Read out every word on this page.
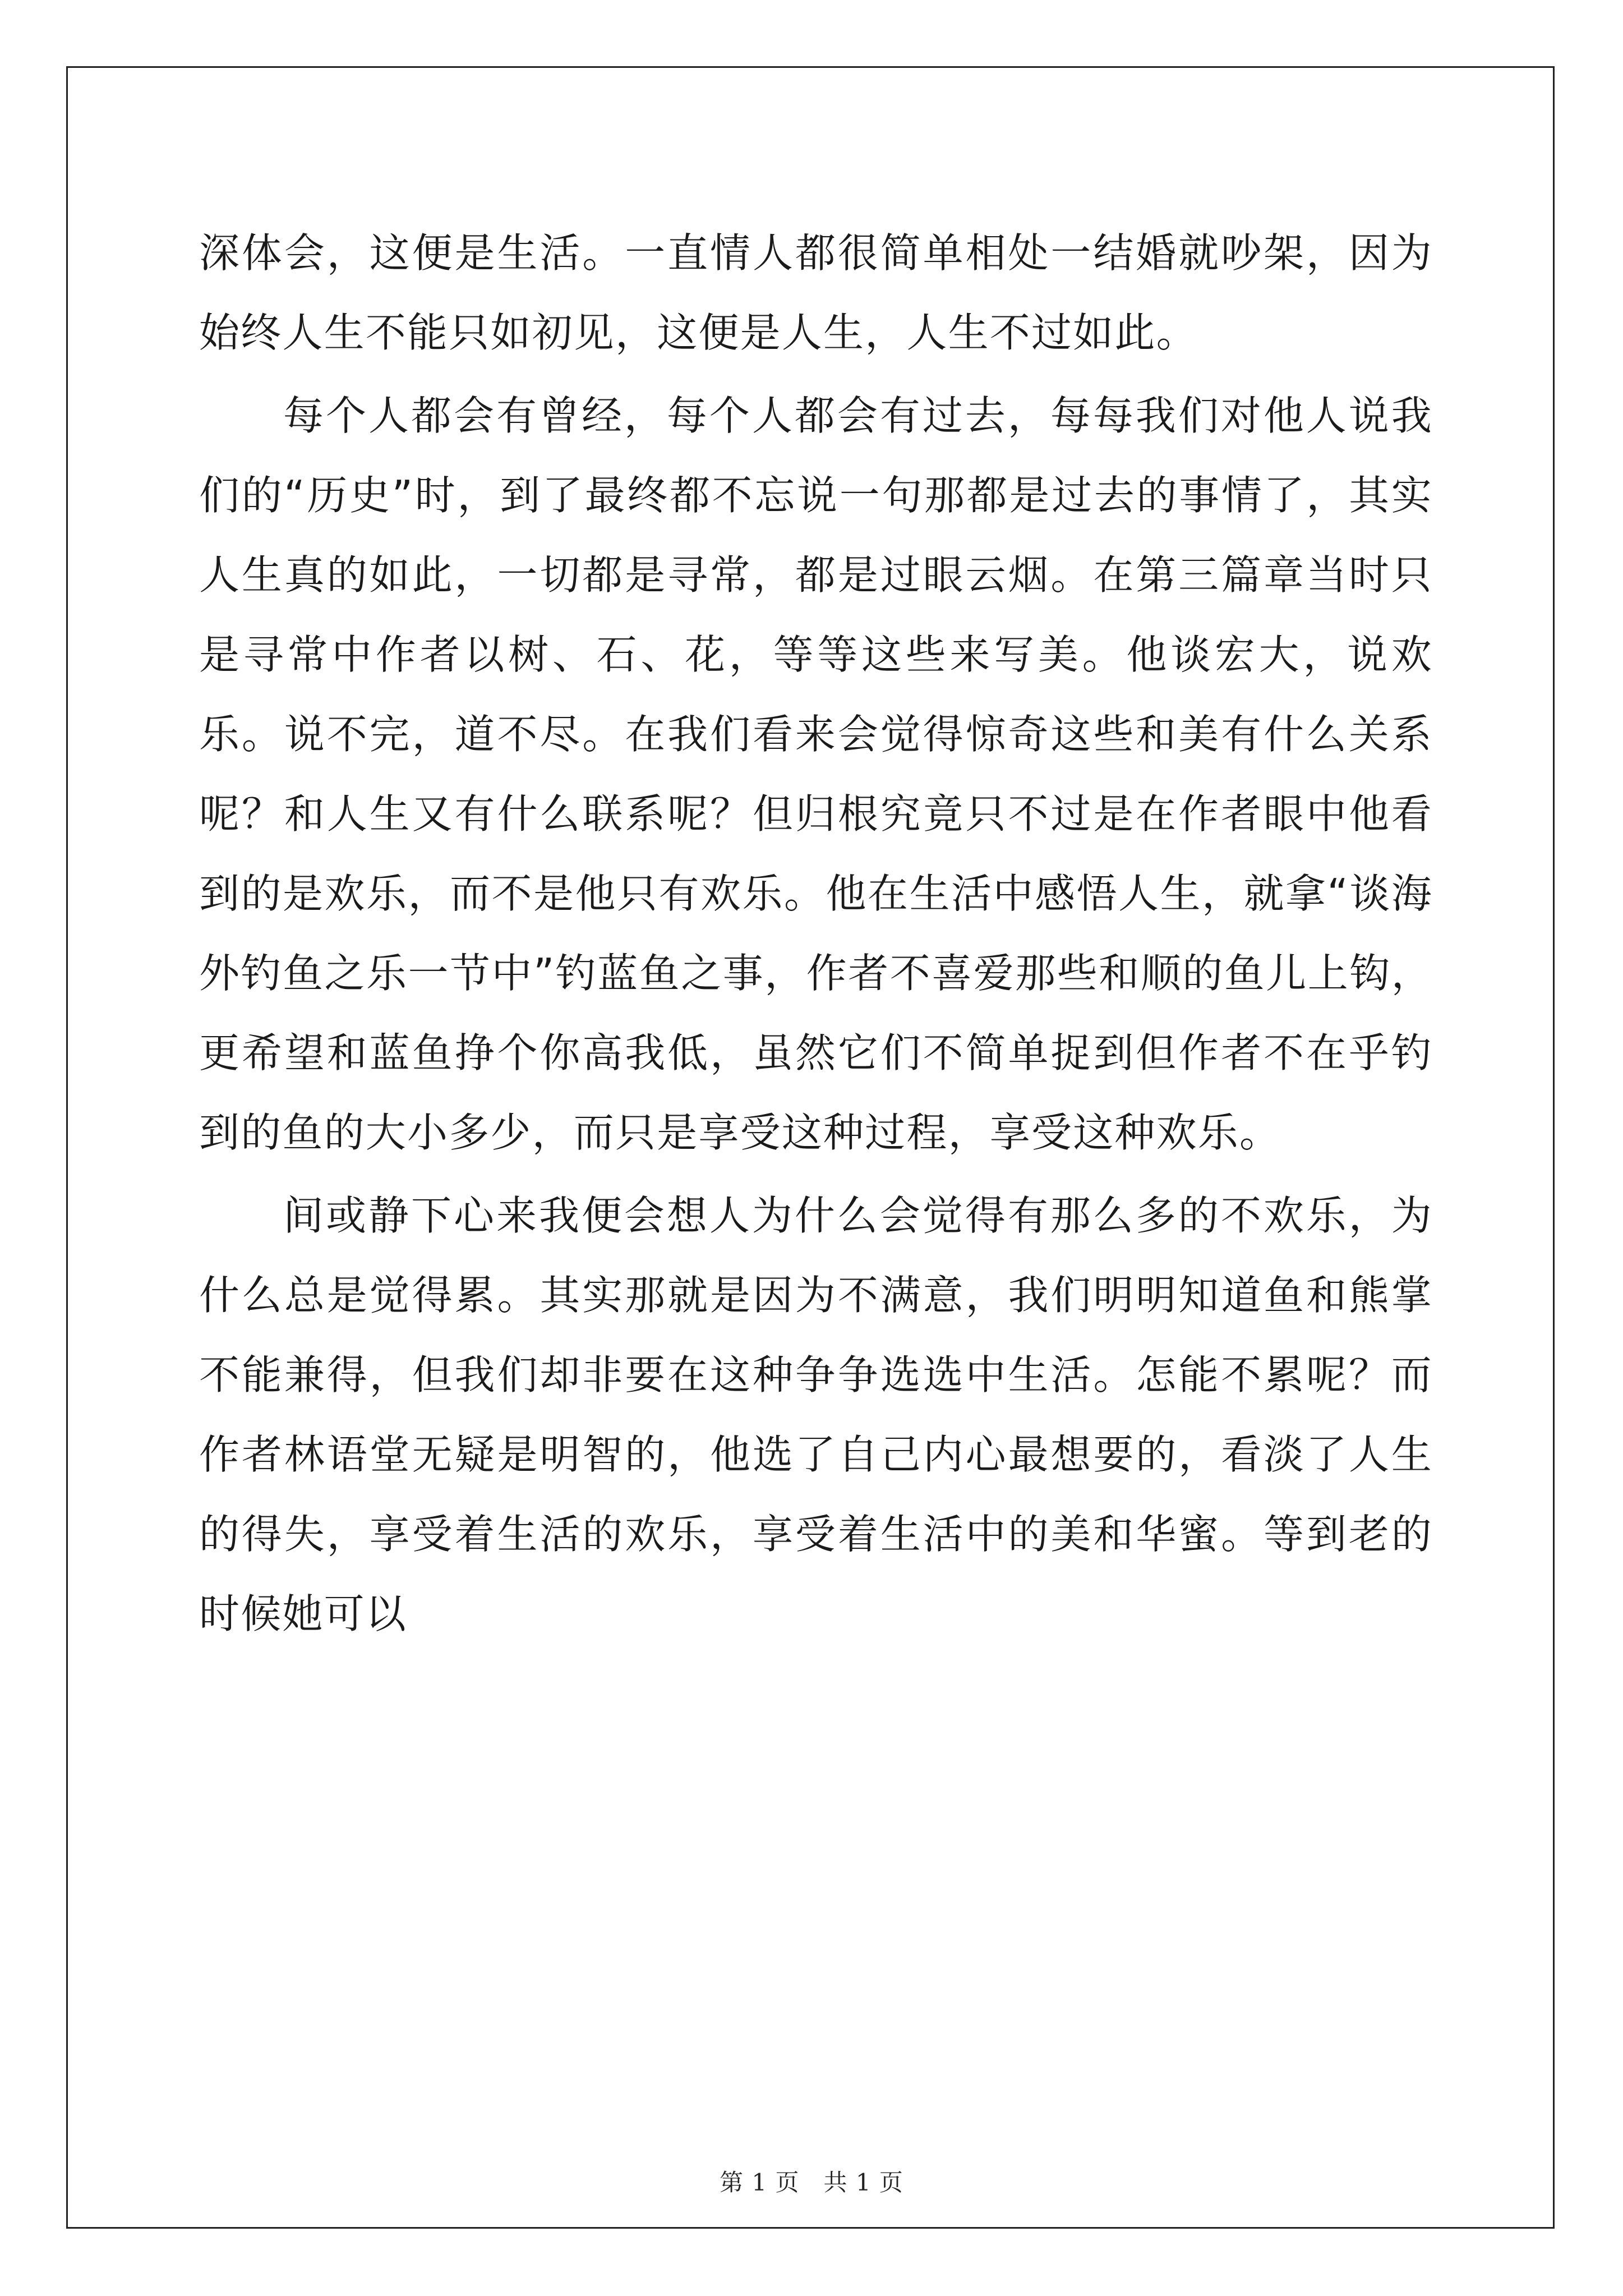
深体会，这便是生活。一直情人都很简单相处一结婚就吵架，因为始终人生不能只如初见，这便是人生，人生不过如此。

每个人都会有曾经，每个人都会有过去，每每我们对他人说我们的“历史”时，到了最终都不忘说一句那都是过去的事情了，其实人生真的如此，一切都是寻常，都是过眼云烟。在第三篇章当时只是寻常中作者以树、石、花，等等这些来写美。他谈宏大，说欢乐。说不完，道不尽。在我们看来会觉得惊奇这些和美有什么关系呢？和人生又有什么联系呢？但归根究竟只不过是在作者眼中他看到的是欢乐，而不是他只有欢乐。他在生活中感悟人生，就拿“谈海外钓鱼之乐一节中”钓蓝鱼之事，作者不喜爱那些和顺的鱼儿上钩，更希望和蓝鱼挣个你高我低，虽然它们不简单捉到但作者不在乎钓到的鱼的大小多少，而只是享受这种过程，享受这种欢乐。

间或静下心来我便会想人为什么会觉得有那么多的不欢乐，为什么总是觉得累。其实那就是因为不满意，我们明明知道鱼和熊掌不能兼得，但我们却非要在这种争争选选中生活。怎能不累呢？而作者林语堂无疑是明智的，他选了自己内心最想要的，看淡了人生的得失，享受着生活的欢乐，享受着生活中的美和华蜜。等到老的时候她可以

第 1 页　共 1 页
